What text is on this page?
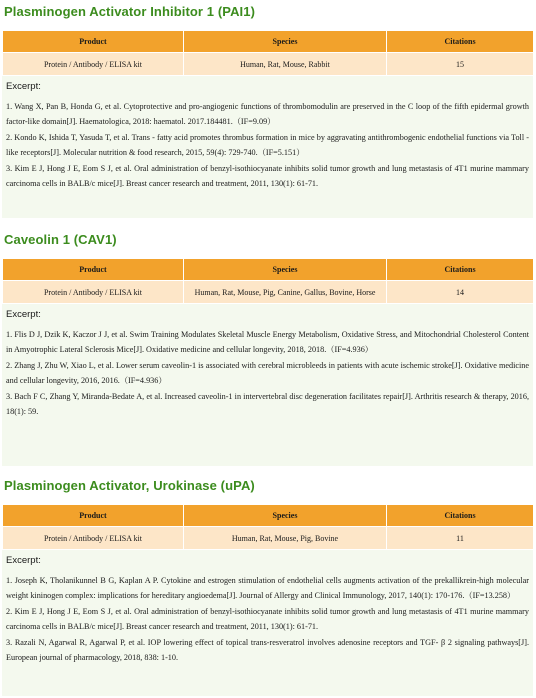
Plasminogen Activator Inhibitor 1 (PAI1)
Product	Species	Citations
Protein / Antibody / ELISA kit	Human, Rat, Mouse, Rabbit	15
Excerpt:

1. Wang X, Pan B, Honda G, et al. Cytoprotective and pro-angiogenic functions of thrombomodulin are preserved in the C loop of the fifth epidermal growth factor-like domain[J]. Haematologica, 2018: haematol. 2017.184481.（IF=9.09）

2. Kondo K, Ishida T, Yasuda T, et al. Trans - fatty acid promotes thrombus formation in mice by aggravating antithrombogenic endothelial functions via Toll - like receptors[J]. Molecular nutrition & food research, 2015, 59(4): 729-740.（IF=5.151）

3. Kim E J, Hong J E, Eom S J, et al. Oral administration of benzyl-isothiocyanate inhibits solid tumor growth and lung metastasis of 4T1 murine mammary carcinoma cells in BALB/c mice[J]. Breast cancer research and treatment, 2011, 130(1): 61-71.

Caveolin 1 (CAV1)
Product	Species	Citations
Protein / Antibody / ELISA kit	Human, Rat, Mouse, Pig, Canine, Gallus, Bovine, Horse	14
Excerpt:

1. Flis D J, Dzik K, Kaczor J J, et al. Swim Training Modulates Skeletal Muscle Energy Metabolism, Oxidative Stress, and Mitochondrial Cholesterol Content in Amyotrophic Lateral Sclerosis Mice[J]. Oxidative medicine and cellular longevity, 2018, 2018.（IF=4.936）

2. Zhang J, Zhu W, Xiao L, et al. Lower serum caveolin-1 is associated with cerebral microbleeds in patients with acute ischemic stroke[J]. Oxidative medicine and cellular longevity, 2016, 2016.（IF=4.936）

3. Bach F C, Zhang Y, Miranda-Bedate A, et al. Increased caveolin-1 in intervertebral disc degeneration facilitates repair[J]. Arthritis research & therapy, 2016, 18(1): 59.

Plasminogen Activator, Urokinase (uPA)
Product	Species	Citations
Protein / Antibody / ELISA kit	Human, Rat, Mouse, Pig, Bovine	11
Excerpt:

1. Joseph K, Tholanikunnel B G, Kaplan A P. Cytokine and estrogen stimulation of endothelial cells augments activation of the prekallikrein-high molecular weight kininogen complex: implications for hereditary angioedema[J]. Journal of Allergy and Clinical Immunology, 2017, 140(1): 170-176.（IF=13.258）

2. Kim E J, Hong J E, Eom S J, et al. Oral administration of benzyl-isothiocyanate inhibits solid tumor growth and lung metastasis of 4T1 murine mammary carcinoma cells in BALB/c mice[J]. Breast cancer research and treatment, 2011, 130(1): 61-71.

3. Razali N, Agarwal R, Agarwal P, et al. IOP lowering effect of topical trans-resveratrol involves adenosine receptors and TGF- β 2 signaling pathways[J]. European journal of pharmacology, 2018, 838: 1-10.
